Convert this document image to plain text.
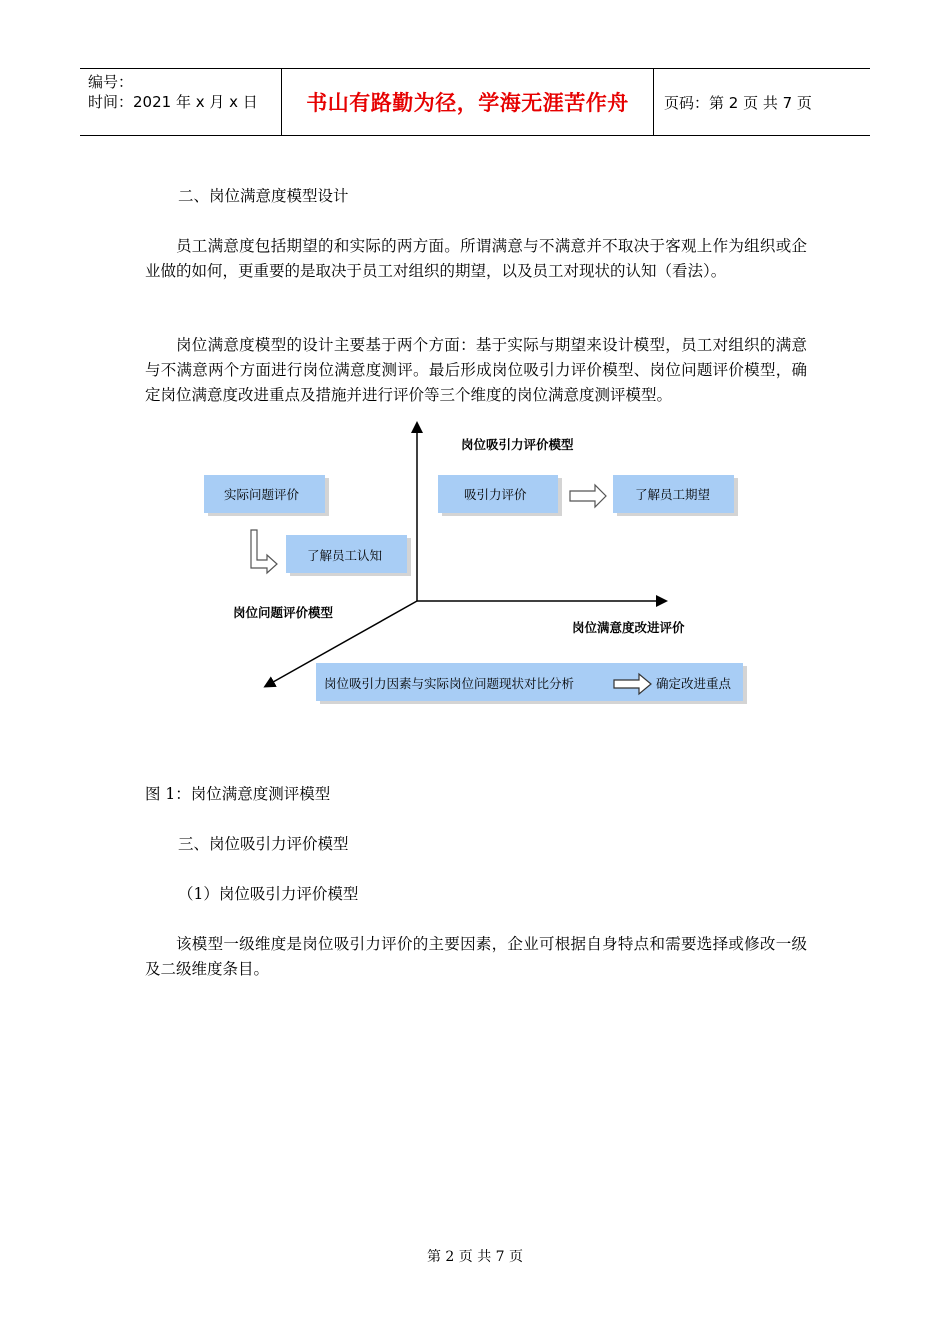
编号：
时间：2021 年 x 月 x 日	书山有路勤为径，学海无涯苦作舟	页码：第 2 页 共 7 页
二、岗位满意度模型设计
员工满意度包括期望的和实际的两方面。所谓满意与不满意并不取决于客观上作为组织或企业做的如何，更重要的是取决于员工对组织的期望，以及员工对现状的认知（看法）。
岗位满意度模型的设计主要基于两个方面：基于实际与期望来设计模型，员工对组织的满意与不满意两个方面进行岗位满意度测评。最后形成岗位吸引力评价模型、岗位问题评价模型，确定岗位满意度改进重点及措施并进行评价等三个维度的岗位满意度测评模型。
岗位吸引力评价模型
岗位问题评价模型
岗位满意度改进评价
实际问题评价
了解员工认知
吸引力评价	了解员工期望
岗位吸引力因素与实际岗位问题现状对比分析	确定改进重点
图 1：岗位满意度测评模型
三、岗位吸引力评价模型
（1）岗位吸引力评价模型
该模型一级维度是岗位吸引力评价的主要因素，企业可根据自身特点和需要选择或修改一级及二级维度条目。
第 2 页 共 7 页
